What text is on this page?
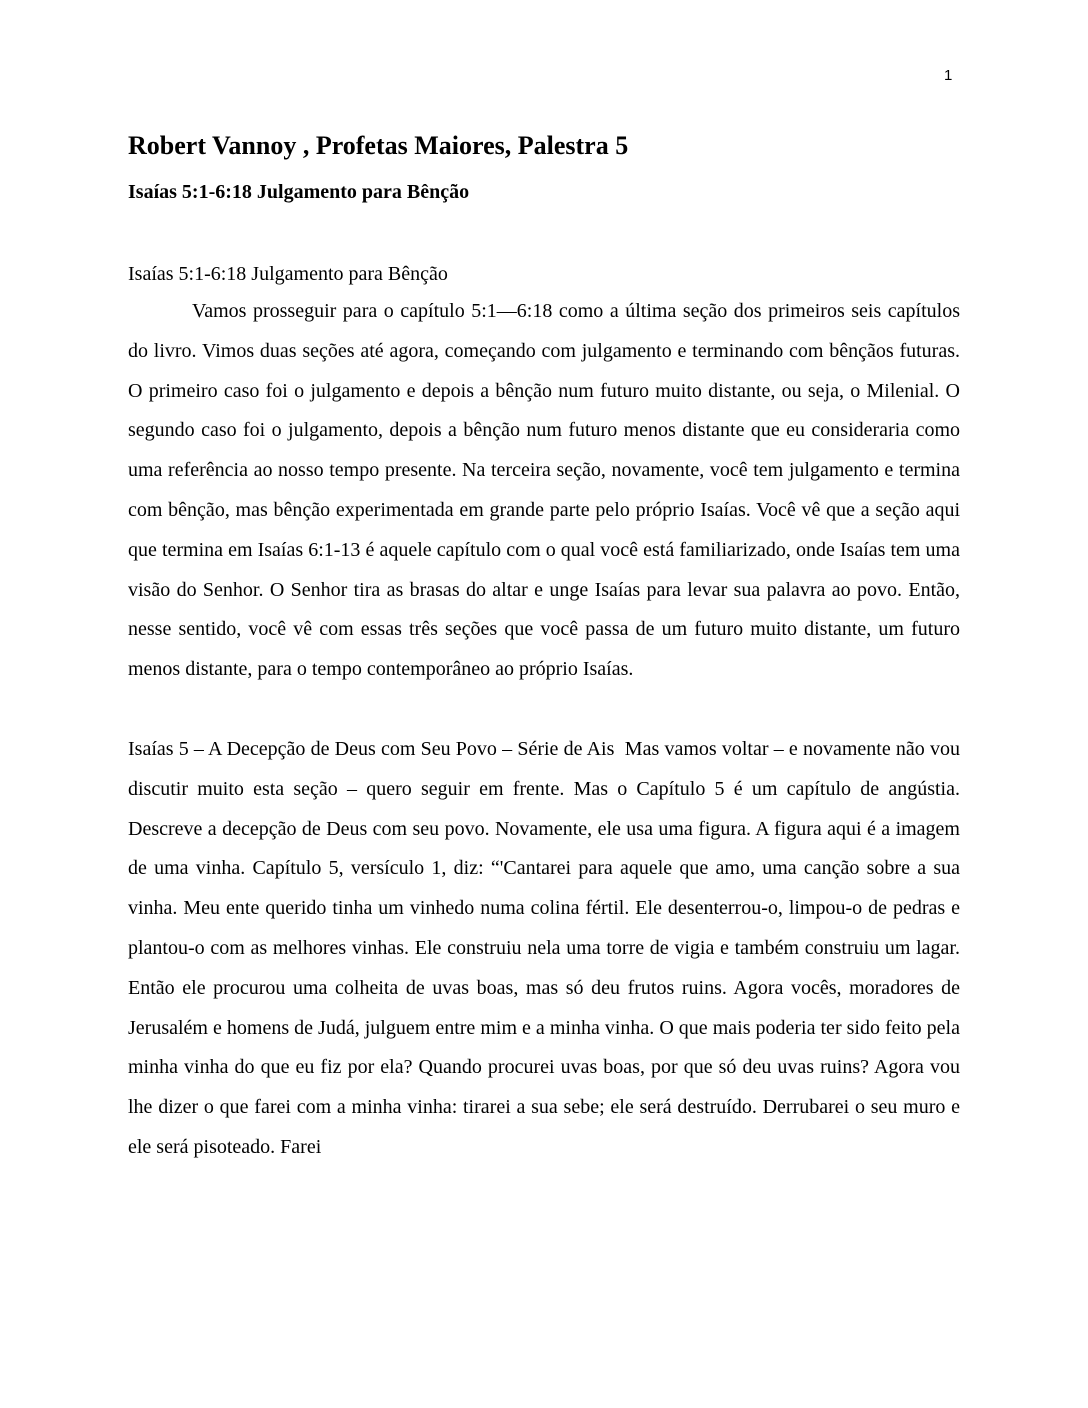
1
Robert Vannoy , Profetas Maiores, Palestra 5
Isaías 5:1-6:18 Julgamento para Bênção
Isaías 5:1-6:18 Julgamento para Bênção

Vamos prosseguir para o capítulo 5:1—6:18 como a última seção dos primeiros seis capítulos do livro. Vimos duas seções até agora, começando com julgamento e terminando com bênçãos futuras. O primeiro caso foi o julgamento e depois a bênção num futuro muito distante, ou seja, o Milenial. O segundo caso foi o julgamento, depois a bênção num futuro menos distante que eu consideraria como uma referência ao nosso tempo presente. Na terceira seção, novamente, você tem julgamento e termina com bênção, mas bênção experimentada em grande parte pelo próprio Isaías. Você vê que a seção aqui que termina em Isaías 6:1-13 é aquele capítulo com o qual você está familiarizado, onde Isaías tem uma visão do Senhor. O Senhor tira as brasas do altar e unge Isaías para levar sua palavra ao povo. Então, nesse sentido, você vê com essas três seções que você passa de um futuro muito distante, um futuro menos distante, para o tempo contemporâneo ao próprio Isaías.

Isaías 5 – A Decepção de Deus com Seu Povo – Série de Ais Mas vamos voltar – e novamente não vou discutir muito esta seção – quero seguir em frente. Mas o Capítulo 5 é um capítulo de angústia. Descreve a decepção de Deus com seu povo. Novamente, ele usa uma figura. A figura aqui é a imagem de uma vinha. Capítulo 5, versículo 1, diz: “'Cantarei para aquele que amo, uma canção sobre a sua vinha. Meu ente querido tinha um vinhedo numa colina fértil. Ele desenterrou-o, limpou-o de pedras e plantou-o com as melhores vinhas. Ele construiu nela uma torre de vigia e também construiu um lagar. Então ele procurou uma colheita de uvas boas, mas só deu frutos ruins. Agora vocês, moradores de Jerusalém e homens de Judá, julguem entre mim e a minha vinha. O que mais poderia ter sido feito pela minha vinha do que eu fiz por ela? Quando procurei uvas boas, por que só deu uvas ruins? Agora vou lhe dizer o que farei com a minha vinha: tirarei a sua sebe; ele será destruído. Derrubarei o seu muro e ele será pisoteado. Farei
